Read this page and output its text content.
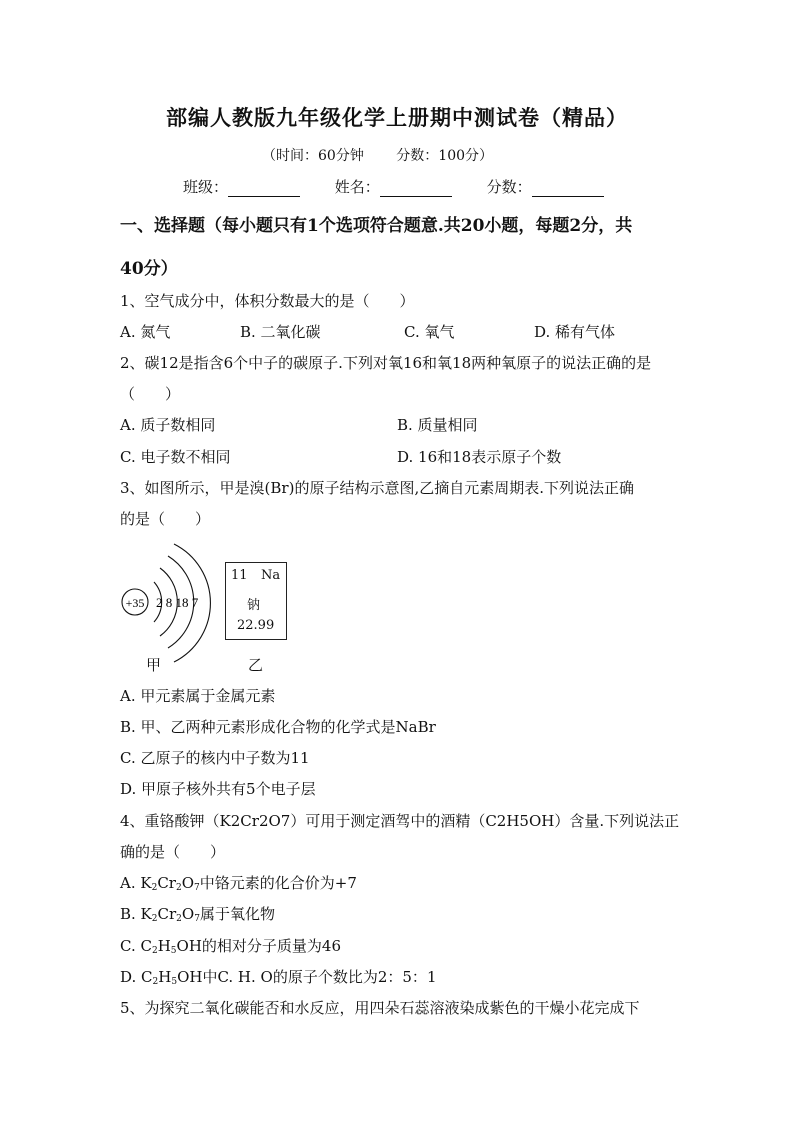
部编人教版九年级化学上册期中测试卷（精品）
（时间：60分钟 分数：100分）
班级：	姓名：	分数：
一、选择题（每小题只有1个选项符合题意.共20小题，每题2分，共
40分）
1、空气成分中，体积分数最大的是（　　）
A. 氮气	B. 二氧化碳	C. 氧气	D. 稀有气体
2、碳12是指含6个中子的碳原子.下列对氧16和氧18两种氧原子的说法正确的是
（　　）
A. 质子数相同	B. 质量相同
C. 电子数不相同	D. 16和18表示原子个数
3、如图所示，甲是溴(Br)的原子结构示意图,乙摘自元素周期表.下列说法正确
的是（　　）
+35 2 8 18 7
11 Na
钠
22.99
甲	乙
A. 甲元素属于金属元素
B. 甲、乙两种元素形成化合物的化学式是NaBr
C. 乙原子的核内中子数为11
D. 甲原子核外共有5个电子层
4、重铬酸钾（K2Cr2O7）可用于测定酒驾中的酒精（C2H5OH）含量.下列说法正
确的是（　　）
A. $K_2Cr_2O_7$中铬元素的化合价为+7
B. $K_2Cr_2O_7$属于氧化物
C. $C_2H_5OH$的相对分子质量为46
D. $C_2H_5OH$中C. H. O的原子个数比为2：5：1
5、为探究二氧化碳能否和水反应，用四朵石蕊溶液染成紫色的干燥小花完成下
